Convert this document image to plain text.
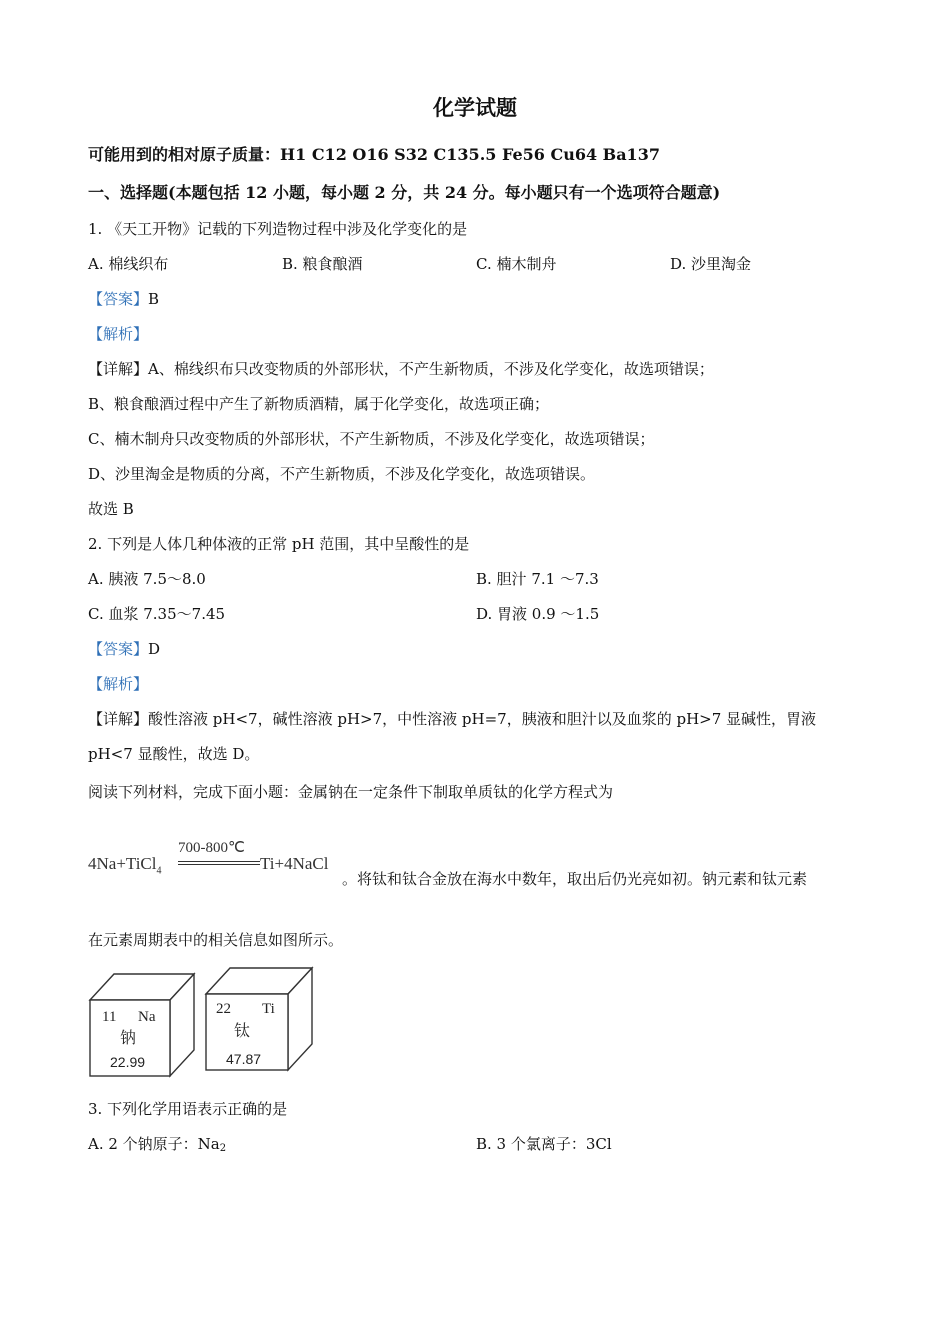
化学试题
可能用到的相对原子质量：H1 C12 O16 S32 C135.5 Fe56 Cu64 Ba137
一、选择题(本题包括 12 小题，每小题 2 分，共 24 分。每小题只有一个选项符合题意)
1. 《天工开物》记载的下列造物过程中涉及化学变化的是
A. 棉线织布	B. 粮食酿酒	C. 楠木制舟	D. 沙里淘金
【答案】B
【解析】
【详解】A、棉线织布只改变物质的外部形状，不产生新物质，不涉及化学变化，故选项错误；
B、粮食酿酒过程中产生了新物质酒精，属于化学变化，故选项正确；
C、楠木制舟只改变物质的外部形状，不产生新物质，不涉及化学变化，故选项错误；
D、沙里淘金是物质的分离，不产生新物质，不涉及化学变化，故选项错误。
故选 B
2. 下列是人体几种体液的正常 pH 范围，其中呈酸性的是
A. 胰液 7.5～8.0	B. 胆汁 7.1 ～7.3
C. 血浆 7.35～7.45	D. 胃液 0.9 ～1.5
【答案】D
【解析】
【详解】酸性溶液 pH<7，碱性溶液 pH>7，中性溶液 pH=7，胰液和胆汁以及血浆的 pH>7 显碱性，胃液
pH<7 显酸性，故选 D。
阅读下列材料，完成下面小题：金属钠在一定条件下制取单质钛的化学方程式为
4Na+TiCl$_4$
700-800℃
Ti+4NaCl
。将钛和钛合金放在海水中数年，取出后仍光亮如初。钠元素和钛元素
在元素周期表中的相关信息如图所示。
11 Na
钠
22.99
22 Ti
钛
47.87
3. 下列化学用语表示正确的是
A. 2 个钠原子：Na2	B. 3 个氯离子：3Cl
